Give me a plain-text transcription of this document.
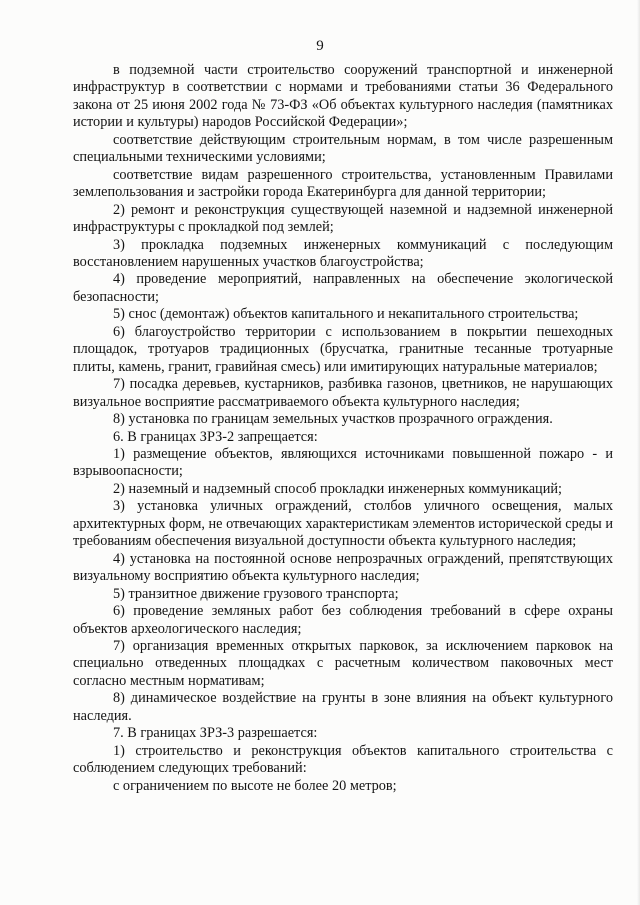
9

в подземной части строительство сооружений транспортной и инженерной инфраструктур в соответствии с нормами и требованиями статьи 36 Федерального закона от 25 июня 2002 года № 73-ФЗ «Об объектах культурного наследия (памятниках истории и культуры) народов Российской Федерации»;

соответствие действующим строительным нормам, в том числе разрешенным специальными техническими условиями;

соответствие видам разрешенного строительства, установленным Правилами землепользования и застройки города Екатеринбурга для данной территории;

2) ремонт и реконструкция существующей наземной и надземной инженерной инфраструктуры с прокладкой под землей;

3) прокладка подземных инженерных коммуникаций с последующим восстановлением нарушенных участков благоустройства;

4) проведение мероприятий, направленных на обеспечение экологической безопасности;

5) снос (демонтаж) объектов капитального и некапитального строительства;

6) благоустройство территории с использованием в покрытии пешеходных площадок, тротуаров традиционных (брусчатка, гранитные тесанные тротуарные плиты, камень, гранит, гравийная смесь) или имитирующих натуральные материалов;

7) посадка деревьев, кустарников, разбивка газонов, цветников, не нарушающих визуальное восприятие рассматриваемого объекта культурного наследия;

8) установка по границам земельных участков прозрачного ограждения.

6. В границах ЗРЗ-2 запрещается:

1) размещение объектов, являющихся источниками повышенной пожаро - и взрывоопасности;

2) наземный и надземный способ прокладки инженерных коммуникаций;

3) установка уличных ограждений, столбов уличного освещения, малых архитектурных форм, не отвечающих характеристикам элементов исторической среды и требованиям обеспечения визуальной доступности объекта культурного наследия;

4) установка на постоянной основе непрозрачных ограждений, препятствующих визуальному восприятию объекта культурного наследия;

5) транзитное движение грузового транспорта;

6) проведение земляных работ без соблюдения требований в сфере охраны объектов археологического наследия;

7) организация временных открытых парковок, за исключением парковок на специально отведенных площадках с расчетным количеством паковочных мест согласно местным нормативам;

8) динамическое воздействие на грунты в зоне влияния на объект культурного наследия.

7. В границах ЗРЗ-3 разрешается:

1) строительство и реконструкция объектов капитального строительства с соблюдением следующих требований:

с ограничением по высоте не более 20 метров;
